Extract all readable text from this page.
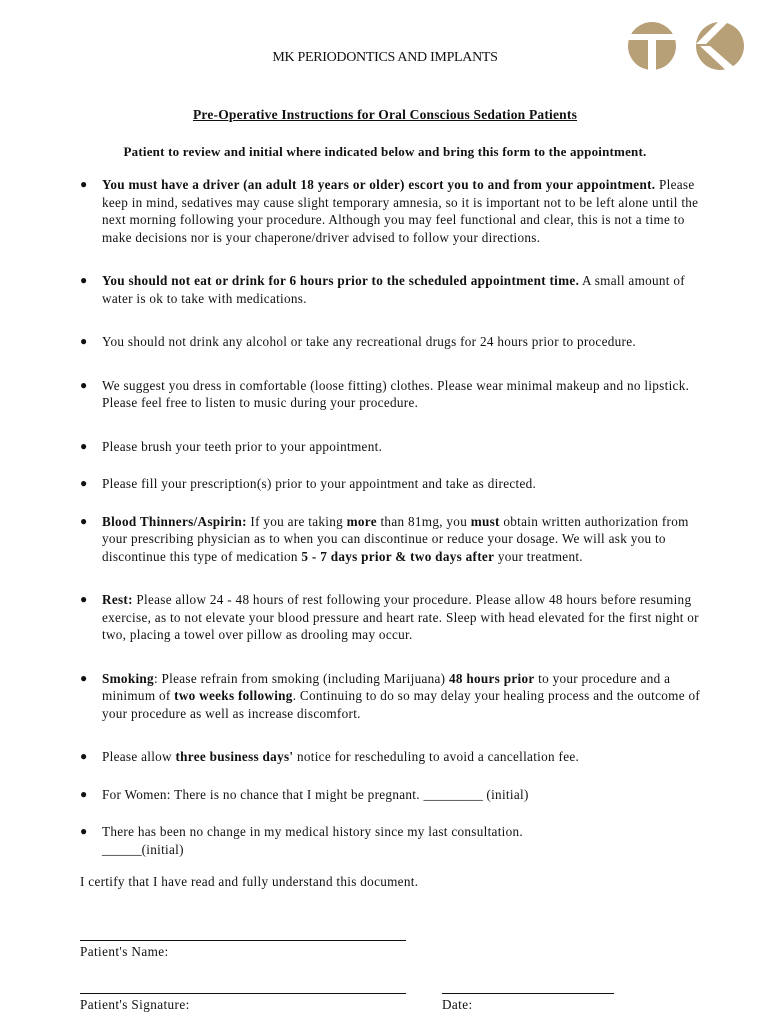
MK PERIODONTICS AND IMPLANTS
Pre-Operative Instructions for Oral Conscious Sedation Patients
Patient to review and initial where indicated below and bring this form to the appointment.
● You must have a driver (an adult 18 years or older) escort you to and from your appointment. Please keep in mind, sedatives may cause slight temporary amnesia, so it is important not to be left alone until the next morning following your procedure. Although you may feel functional and clear, this is not a time to make decisions nor is your chaperone/driver advised to follow your directions.
● You should not eat or drink for 6 hours prior to the scheduled appointment time. A small amount of water is ok to take with medications.
● You should not drink any alcohol or take any recreational drugs for 24 hours prior to procedure.
● We suggest you dress in comfortable (loose fitting) clothes. Please wear minimal makeup and no lipstick. Please feel free to listen to music during your procedure.
● Please brush your teeth prior to your appointment.
● Please fill your prescription(s) prior to your appointment and take as directed.
● Blood Thinners/Aspirin: If you are taking more than 81mg, you must obtain written authorization from your prescribing physician as to when you can discontinue or reduce your dosage. We will ask you to discontinue this type of medication 5 - 7 days prior & two days after your treatment.
● Rest: Please allow 24 - 48 hours of rest following your procedure. Please allow 48 hours before resuming exercise, as to not elevate your blood pressure and heart rate. Sleep with head elevated for the first night or two, placing a towel over pillow as drooling may occur.
● Smoking: Please refrain from smoking (including Marijuana) 48 hours prior to your procedure and a minimum of two weeks following. Continuing to do so may delay your healing process and the outcome of your procedure as well as increase discomfort.
● Please allow three business days' notice for rescheduling to avoid a cancellation fee.
● For Women: There is no chance that I might be pregnant. _________ (initial)
● There has been no change in my medical history since my last consultation.
______(initial)
I certify that I have read and fully understand this document.
Patient's Name:
Patient's Signature:	Date:
